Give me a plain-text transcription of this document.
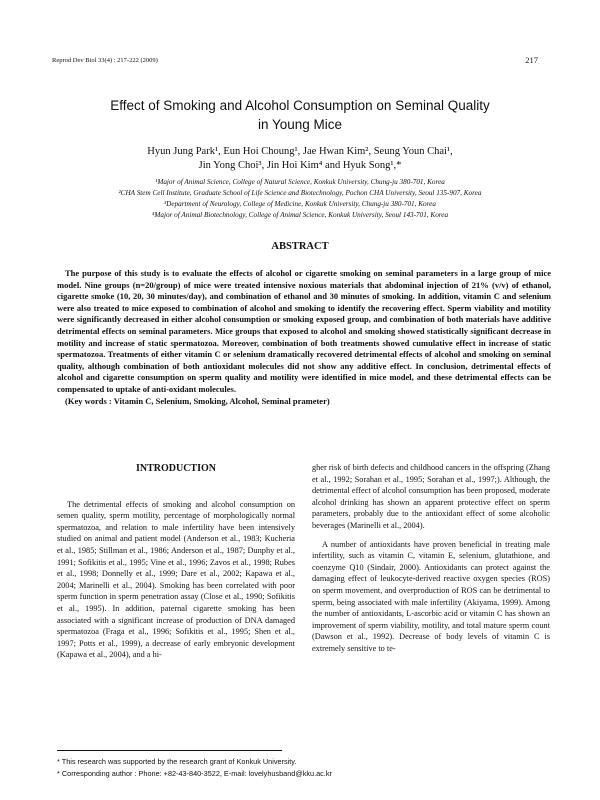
Reprod Dev Biol 33(4) : 217-222 (2009)	217
Effect of Smoking and Alcohol Consumption on Seminal Quality
in Young Mice
Hyun Jung Park¹, Eun Hoi Choung¹, Jae Hwan Kim², Seung Youn Chai¹,
Jin Yong Choi³, Jin Hoi Kim⁴ and Hyuk Song¹,*
¹Major of Animal Science, College of Natural Science, Konkuk University, Chung-ju 380-701, Korea
²CHA Stem Cell Institute, Graduate School of Life Science and Biotechnology, Pochon CHA University, Seoul 135-907, Korea
³Department of Neurology, College of Medicine, Konkuk University, Chung-ju 380-701, Korea
⁴Major of Animal Biotechnology, College of Animal Science, Konkuk University, Seoul 143-701, Korea
ABSTRACT

The purpose of this study is to evaluate the effects of alcohol or cigarette smoking on seminal parameters in a large group of mice model. Nine groups (n=20/group) of mice were treated intensive noxious materials that abdominal injection of 21% (v/v) of ethanol, cigarette smoke (10, 20, 30 minutes/day), and combination of ethanol and 30 minutes of smoking. In addition, vitamin C and selenium were also treated to mice exposed to combination of alcohol and smoking to identify the recovering effect. Sperm viability and motility were significantly decreased in either alcohol consumption or smoking exposed group, and combination of both materials have additive detrimental effects on seminal parameters. Mice groups that exposed to alcohol and smoking showed statistically significant decrease in motility and increase of static spermatozoa. Moreover, combination of both treatments showed cumulative effect in increase of static spermatozoa. Treatments of either vitamin C or selenium dramatically recovered detrimental effects of alcohol and smoking on seminal quality, although combination of both antioxidant molecules did not show any additive effect. In conclusion, detrimental effects of alcohol and cigarette consumption on sperm quality and motility were identified in mice model, and these detrimental effects can be compensated to uptake of anti-oxidant molecules.

(Key words : Vitamin C, Selenium, Smoking, Alcohol, Seminal prameter)

INTRODUCTION

The detrimental effects of smoking and alcohol consumption on semen quality, sperm motility, percentage of morphologically normal spermatozoa, and relation to male infertility have been intensively studied on animal and patient model (Anderson et al., 1983; Kucheria et al., 1985; Stillman et al., 1986; Anderson et al., 1987; Dunphy et al., 1991; Sofikitis et al., 1995; Vine et al., 1996; Zavos et al., 1998; Rubes et al., 1998; Donnelly et al., 1999; Dare et al., 2002; Kapawa et al., 2004; Marinelli et al., 2004). Smoking has been correlated with poor sperm function in sperm penetration assay (Close et al., 1990; Sofikitis et al., 1995). In addition, paternal cigarette smoking has been associated with a significant increase of production of DNA damaged spermatozoa (Fraga et al., 1996; Sofikitis et al., 1995; Shen et al., 1997; Potts et al., 1999), a decrease of early embryonic development (Kapawa et al., 2004), and a hi-

gher risk of birth defects and childhood cancers in the offspring (Zhang et al., 1992; Sorahan et al., 1995; Sorahan et al., 1997;). Although, the detrimental effect of alcohol consumption has been proposed, moderate alcohol drinking has shown an apparent protective effect on sperm parameters, probably due to the antioxidant effect of some alcoholic beverages (Marinelli et al., 2004).

A number of antioxidants have proven beneficial in treating male infertility, such as vitamin C, vitamin E, selenium, glutathione, and coenzyme Q10 (Sindair, 2000). Antioxidants can protect against the damaging effect of leukocyte-derived reactive oxygen species (ROS) on sperm movement, and overproduction of ROS can be detrimental to sperm, being associated with male infertility (Akiyama, 1999). Among the number of antioxidants, L-ascorbic acid or vitamin C has shown an improvement of sperm viability, motility, and total mature sperm count (Dawson et al., 1992). Decrease of body levels of vitamin C is extremely sensitive to te-

* This research was supported by the research grant of Konkuk University.
* Corresponding author : Phone: +82-43-840-3522, E-mail: lovelyhusband@kku.ac.kr
